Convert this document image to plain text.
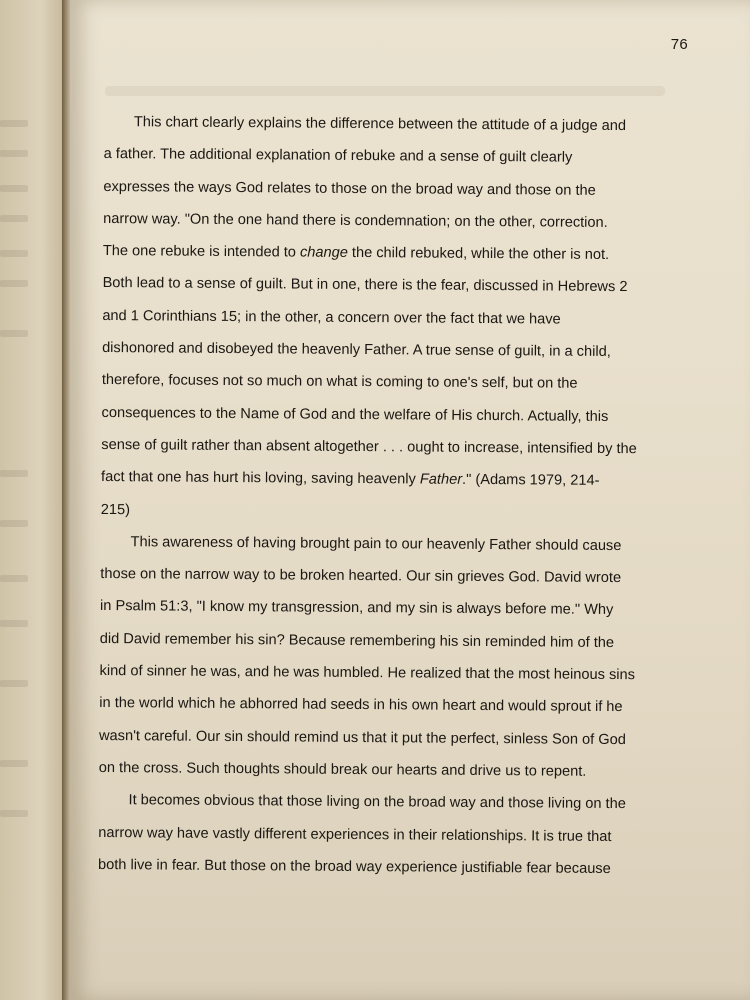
76
This chart clearly explains the difference between the attitude of a judge and
a father. The additional explanation of rebuke and a sense of guilt clearly
expresses the ways God relates to those on the broad way and those on the
narrow way. "On the one hand there is condemnation; on the other, correction.
The one rebuke is intended to change the child rebuked, while the other is not.
Both lead to a sense of guilt. But in one, there is the fear, discussed in Hebrews 2
and 1 Corinthians 15; in the other, a concern over the fact that we have
dishonored and disobeyed the heavenly Father. A true sense of guilt, in a child,
therefore, focuses not so much on what is coming to one's self, but on the
consequences to the Name of God and the welfare of His church. Actually, this
sense of guilt rather than absent altogether . . . ought to increase, intensified by the
fact that one has hurt his loving, saving heavenly Father." (Adams 1979, 214-
215)
This awareness of having brought pain to our heavenly Father should cause
those on the narrow way to be broken hearted. Our sin grieves God. David wrote
in Psalm 51:3, "I know my transgression, and my sin is always before me." Why
did David remember his sin? Because remembering his sin reminded him of the
kind of sinner he was, and he was humbled. He realized that the most heinous sins
in the world which he abhorred had seeds in his own heart and would sprout if he
wasn't careful. Our sin should remind us that it put the perfect, sinless Son of God
on the cross. Such thoughts should break our hearts and drive us to repent.
It becomes obvious that those living on the broad way and those living on the
narrow way have vastly different experiences in their relationships. It is true that
both live in fear. But those on the broad way experience justifiable fear because
